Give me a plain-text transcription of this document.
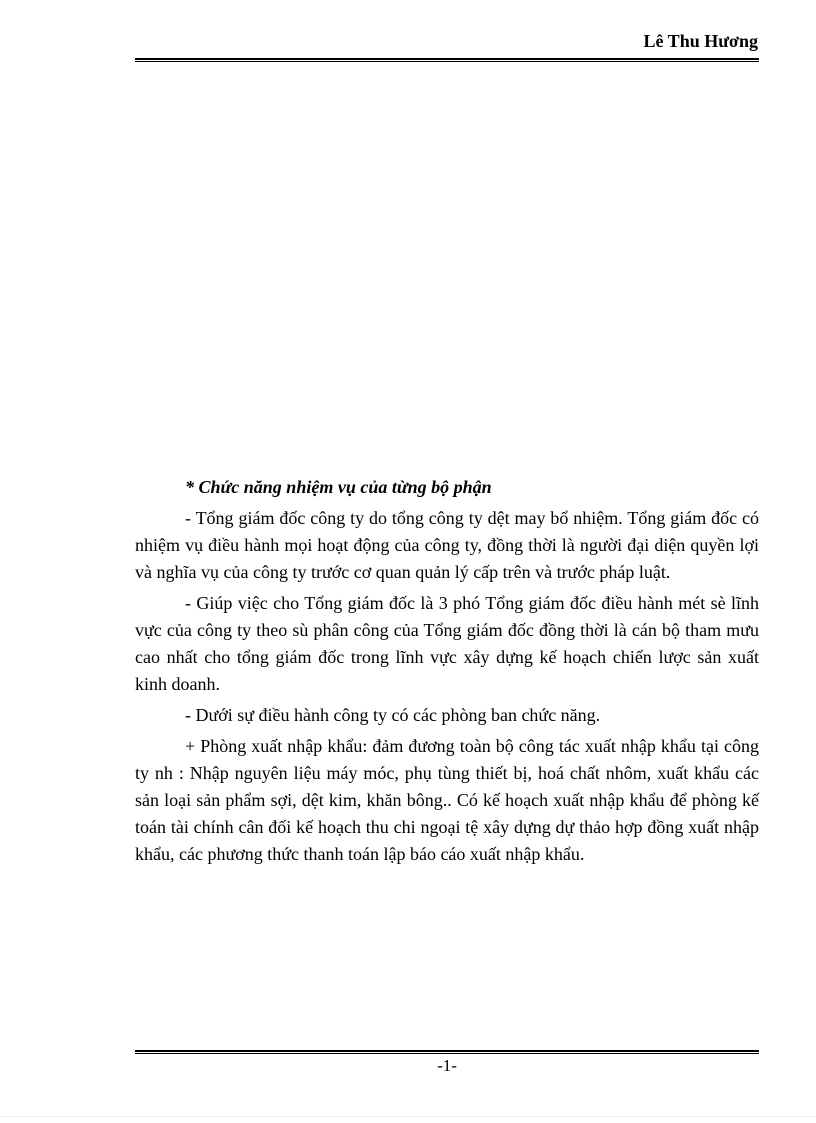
Lê Thu Hương

* Chức năng nhiệm vụ của từng bộ phận

- Tổng giám đốc công ty do tổng công ty dệt may bổ nhiệm. Tổng giám đốc có nhiệm vụ điều hành mọi hoạt động của công ty, đồng thời là người đại diện quyền lợi và nghĩa vụ của công ty trước cơ quan quản lý cấp trên và trước pháp luật.

- Giúp việc cho Tổng giám đốc là 3 phó Tổng giám đốc điều hành mét sè lĩnh vực của công ty theo sù phân công của Tổng giám đốc đồng thời là cán bộ tham mưu cao nhất cho tổng giám đốc trong lĩnh vực xây dựng kế hoạch chiến lược sản xuất kinh doanh.

- Dưới sự điều hành công ty có các phòng ban chức năng.

+ Phòng xuất nhập khẩu: đảm đương toàn bộ công tác xuất nhập khẩu tại công ty nh : Nhập nguyên liệu máy móc, phụ tùng thiết bị, hoá chất nhôm, xuất khẩu các sản loại sản phẩm sợi, dệt kim, khăn bông.. Có kế hoạch xuất nhập khẩu để phòng kế toán tài chính cân đối kế hoạch thu chi ngoại tệ xây dựng dự thảo hợp đồng xuất nhập khẩu, các phương thức thanh toán lập báo cáo xuất nhập khẩu.

-1-
